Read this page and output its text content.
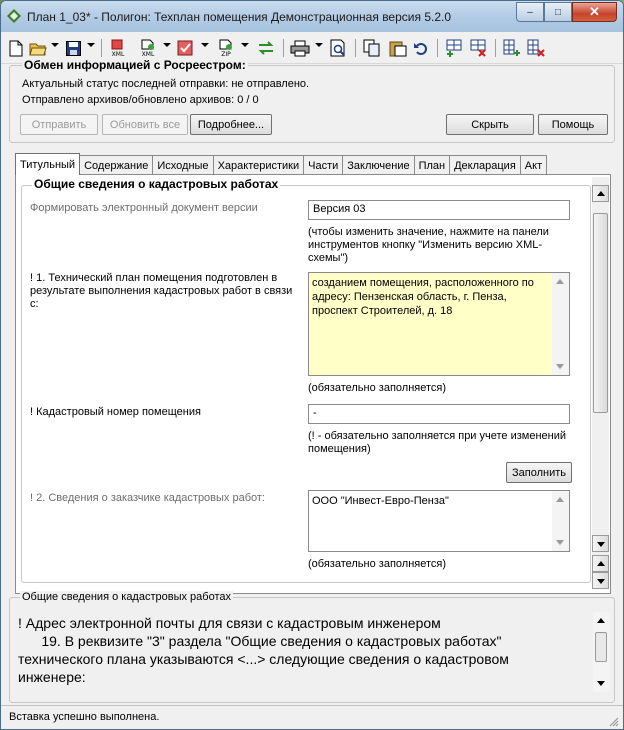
План 1_03* - Полигон: Техплан помещения Демонстрационная версия 5.2.0	– □ ✕
XML	XML	ZIP
Обмен информацией с Росреестром:
Актуальный статус последней отправки: не отправлено.
Отправлено архивов/обновлено архивов: 0 / 0
Отправить	Обновить все	Подробнее...	Скрыть	Помощь
Титульный Содержание Исходные Характеристики Части Заключение План Декларация Акт
Общие сведения о кадастровых работах
Формировать электронный документ версии	Версия 03
(чтобы изменить значение, нажмите на панели инструментов кнопку "Изменить версию XML-схемы")
! 1. Технический план помещения подготовлен в результате выполнения кадастровых работ в связи с:
созданием помещения, расположенного по адресу: Пензенская область, г. Пенза, проспект Строителей, д. 18
(обязательно заполняется)
! Кадастровый номер помещения	-
(! - обязательно заполняется при учете изменений помещения)
Заполнить
! 2. Сведения о заказчике кадастровых работ:	ООО "Инвест-Евро-Пенза"
(обязательно заполняется)
Общие сведения о кадастровых работах
! Адрес электронной почты для связи с кадастровым инженером
19. В реквизите "3" раздела "Общие сведения о кадастровых работах" технического плана указываются <...> следующие сведения о кадастровом инженере:
Вставка успешно выполнена.
